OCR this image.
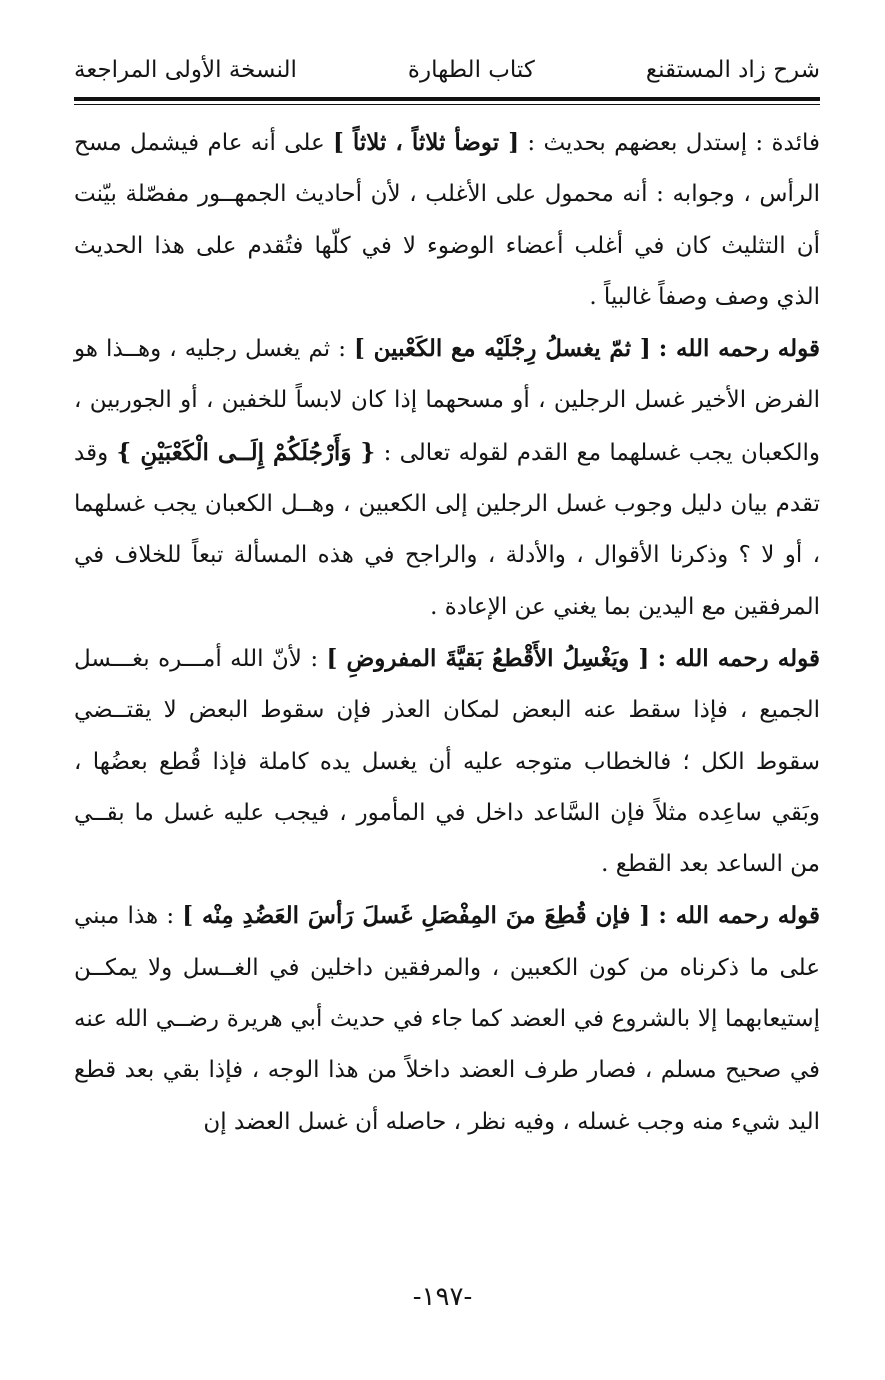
شرح زاد المستقنع
كتاب الطهارة
النسخة الأولى المراجعة

فائدة : إستدل بعضهم بحديث : [ توضأ ثلاثاً ، ثلاثاً ] على أنه عام فيشمل مسح الرأس ، وجوابه : أنه محمول على الأغلب ، لأن أحاديث الجمهــور مفصّلة بيّنت أن التثليث كان في أغلب أعضاء الوضوء لا في كلّها فتُقدم على هذا الحديث الذي وصف وصفاً غالبياً .

قوله رحمه الله : [ ثمّ يغسلُ رِجْلَيْه مع الكَعْبين ] : ثم يغسل رجليه ، وهــذا هو الفرض الأخير غسل الرجلين ، أو مسحهما إذا كان لابساً للخفين ، أو الجوربين ، والكعبان يجب غسلهما مع القدم لقوله تعالى : { وَأَرْجُلَكُمْ إِلَــى الْكَعْبَيْنِ } وقد تقدم بيان دليل وجوب غسل الرجلين إلى الكعبين ، وهــل الكعبان يجب غسلهما ، أو لا ؟ وذكرنا الأقوال ، والأدلة ، والراجح في هذه المسألة تبعاً للخلاف في المرفقين مع اليدين بما يغني عن الإعادة .

قوله رحمه الله : [ ويَغْسِلُ الأَقْطعُ بَقيَّةَ المفروضِ ] : لأنّ الله أمـــره بغـــسل الجميع ، فإذا سقط عنه البعض لمكان العذر فإن سقوط البعض لا يقتــضي سقوط الكل ؛ فالخطاب متوجه عليه أن يغسل يده كاملة فإذا قُطع بعضُها ، وبَقي ساعِده مثلاً فإن السَّاعد داخل في المأمور ، فيجب عليه غسل ما بقــي من الساعد بعد القطع .

قوله رحمه الله : [ فإن قُطِعَ منَ المِفْصَلِ غَسلَ رَأسَ العَضُدِ مِنْه ] : هذا مبني على ما ذكرناه من كون الكعبين ، والمرفقين داخلين في الغــسل ولا يمكــن إستيعابهما إلا بالشروع في العضد كما جاء في حديث أبي هريرة رضــي الله عنه في صحيح مسلم ، فصار طرف العضد داخلاً من هذا الوجه ، فإذا بقي بعد قطع اليد شيء منه وجب غسله ، وفيه نظر ، حاصله أن غسل العضد إن

-١٩٧-
